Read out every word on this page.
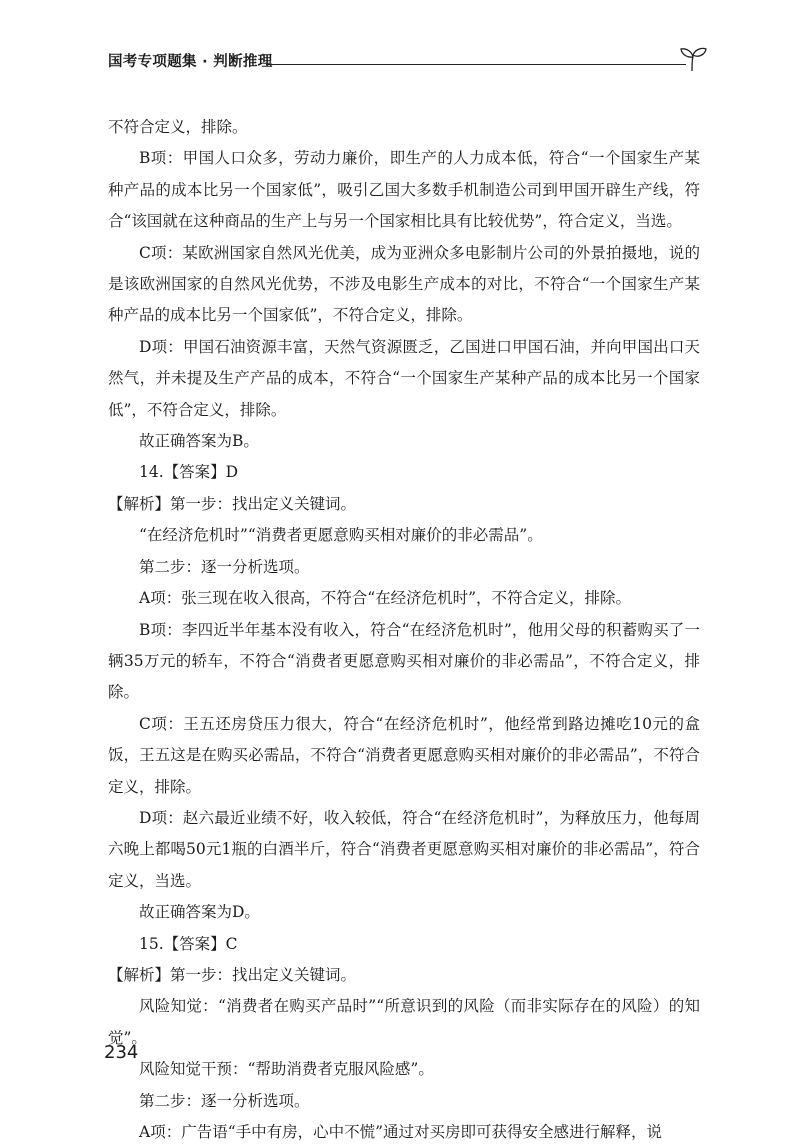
国考专项题集 · 判断推理

不符合定义，排除。

B项：甲国人口众多，劳动力廉价，即生产的人力成本低，符合“一个国家生产某种产品的成本比另一个国家低”，吸引乙国大多数手机制造公司到甲国开辟生产线，符合“该国就在这种商品的生产上与另一个国家相比具有比较优势”，符合定义，当选。

C项：某欧洲国家自然风光优美，成为亚洲众多电影制片公司的外景拍摄地，说的是该欧洲国家的自然风光优势，不涉及电影生产成本的对比，不符合“一个国家生产某种产品的成本比另一个国家低”，不符合定义，排除。

D项：甲国石油资源丰富，天然气资源匮乏，乙国进口甲国石油，并向甲国出口天然气，并未提及生产产品的成本，不符合“一个国家生产某种产品的成本比另一个国家低”，不符合定义，排除。

故正确答案为B。

14.【答案】D

【解析】第一步：找出定义关键词。

“在经济危机时”“消费者更愿意购买相对廉价的非必需品”。

第二步：逐一分析选项。

A项：张三现在收入很高，不符合“在经济危机时”，不符合定义，排除。

B项：李四近半年基本没有收入，符合“在经济危机时”，他用父母的积蓄购买了一辆35万元的轿车，不符合“消费者更愿意购买相对廉价的非必需品”，不符合定义，排除。

C项：王五还房贷压力很大，符合“在经济危机时”，他经常到路边摊吃10元的盒饭，王五这是在购买必需品，不符合“消费者更愿意购买相对廉价的非必需品”，不符合定义，排除。

D项：赵六最近业绩不好，收入较低，符合“在经济危机时”，为释放压力，他每周六晚上都喝50元1瓶的白酒半斤，符合“消费者更愿意购买相对廉价的非必需品”，符合定义，当选。

故正确答案为D。

15.【答案】C

【解析】第一步：找出定义关键词。

风险知觉：“消费者在购买产品时”“所意识到的风险（而非实际存在的风险）的知觉”。

风险知觉干预：“帮助消费者克服风险感”。

第二步：逐一分析选项。

A项：广告语“手中有房，心中不慌”通过对买房即可获得安全感进行解释，说

234
